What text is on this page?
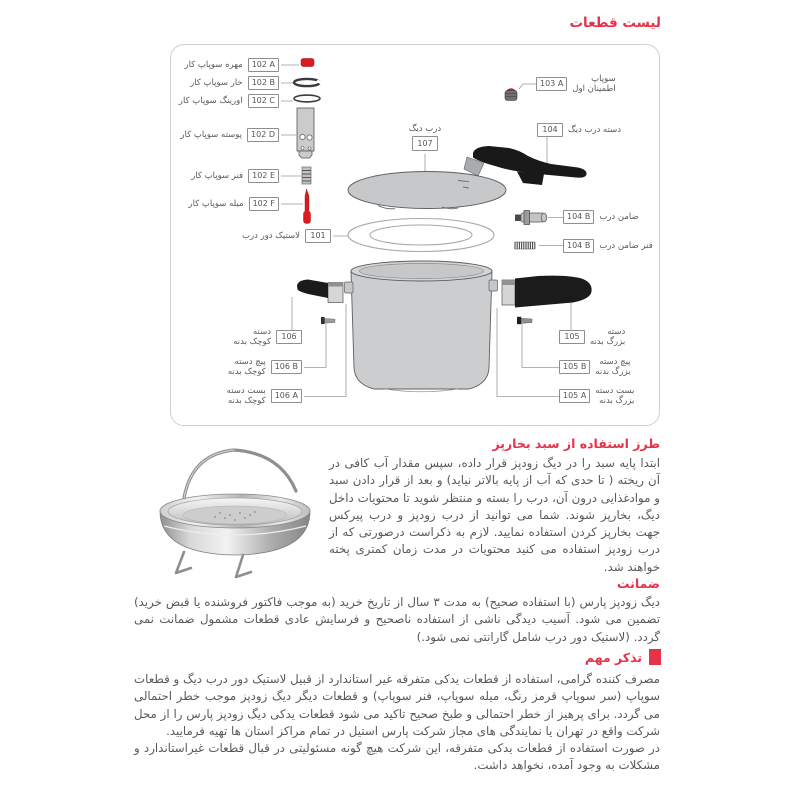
لیست قطعات
مهره سوپاپ کار	102 A
خار سوپاپ کار	102 B
اورینگ سوپاپ کار	102 C
پوسته سوپاپ کار	102 D
فنر سوپاپ کار	102 E
میله سوپاپ کار	102 F
لاستیک دور درب	101
103 A
سوپاپ
اطمینان اول
104	دسته درب دیگ
104 B	ضامن درب
104 B	فنر ضامن درب
درب دیگ
107
دسته
کوچک بدنه
106
پیچ دسته
کوچک بدنه
106 B
بست دسته
کوچک بدنه
106 A
105
دسته
بزرگ بدنه
105 B
پیچ دسته
بزرگ بدنه
105 A
بست دسته
بزرگ بدنه
طرز استفاده از سبد بخارپز

ابتدا پایه سبد را در دیگ زودپز قرار داده، سپس مقدار آب کافی در آن ریخته ( تا حدی که آب از پایه بالاتر نیاید) و بعد از قرار دادن سبد و موادغذایی درون آن، درب را بسته و منتظر شوید تا محتویات داخل دیگ، بخارپز شوند. شما می توانید از درب زودپز و درب پیرکس جهت بخارپز کردن استفاده نمایید. لازم به ذکراست درصورتی که از درب زودپز استفاده می کنید محتویات در مدت زمان کمتری پخته خواهند شد.

ضمانت

دیگ زودپز پارس (با استفاده صحیح) به مدت ۳ سال از تاریخ خرید (به موجب فاکتور فروشنده یا قبض خرید) تضمین می شود. آسیب دیدگی ناشی از استفاده ناصحیح و فرسایش عادی قطعات مشمول ضمانت نمی گردد. (لاستیک دور درب شامل گارانتی نمی شود.)

تذکر مهم

مصرف کننده گرامی، استفاده از قطعات یدکی متفرقه غیر استاندارد از قبیل لاستیک دور درب دیگ و قطعات سوپاپ (سر سوپاپ قرمز رنگ، میله سوپاپ، فنر سوپاپ) و قطعات دیگر دیگ زودپز موجب خطر احتمالی می گردد. برای پرهیز از خطر احتمالی و طبخ صحیح تاکید می شود قطعات یدکی دیگ زودپز پارس را از محل شرکت واقع در تهران یا نمایندگی های مجاز شرکت پارس استیل در تمام مراکز استان ها تهیه فرمایید.

در صورت استفاده از قطعات یدکی متفرقه، این شرکت هیچ گونه مسئولیتی در قبال قطعات غیراستاندارد و مشکلات به وجود آمده، نخواهد داشت.
